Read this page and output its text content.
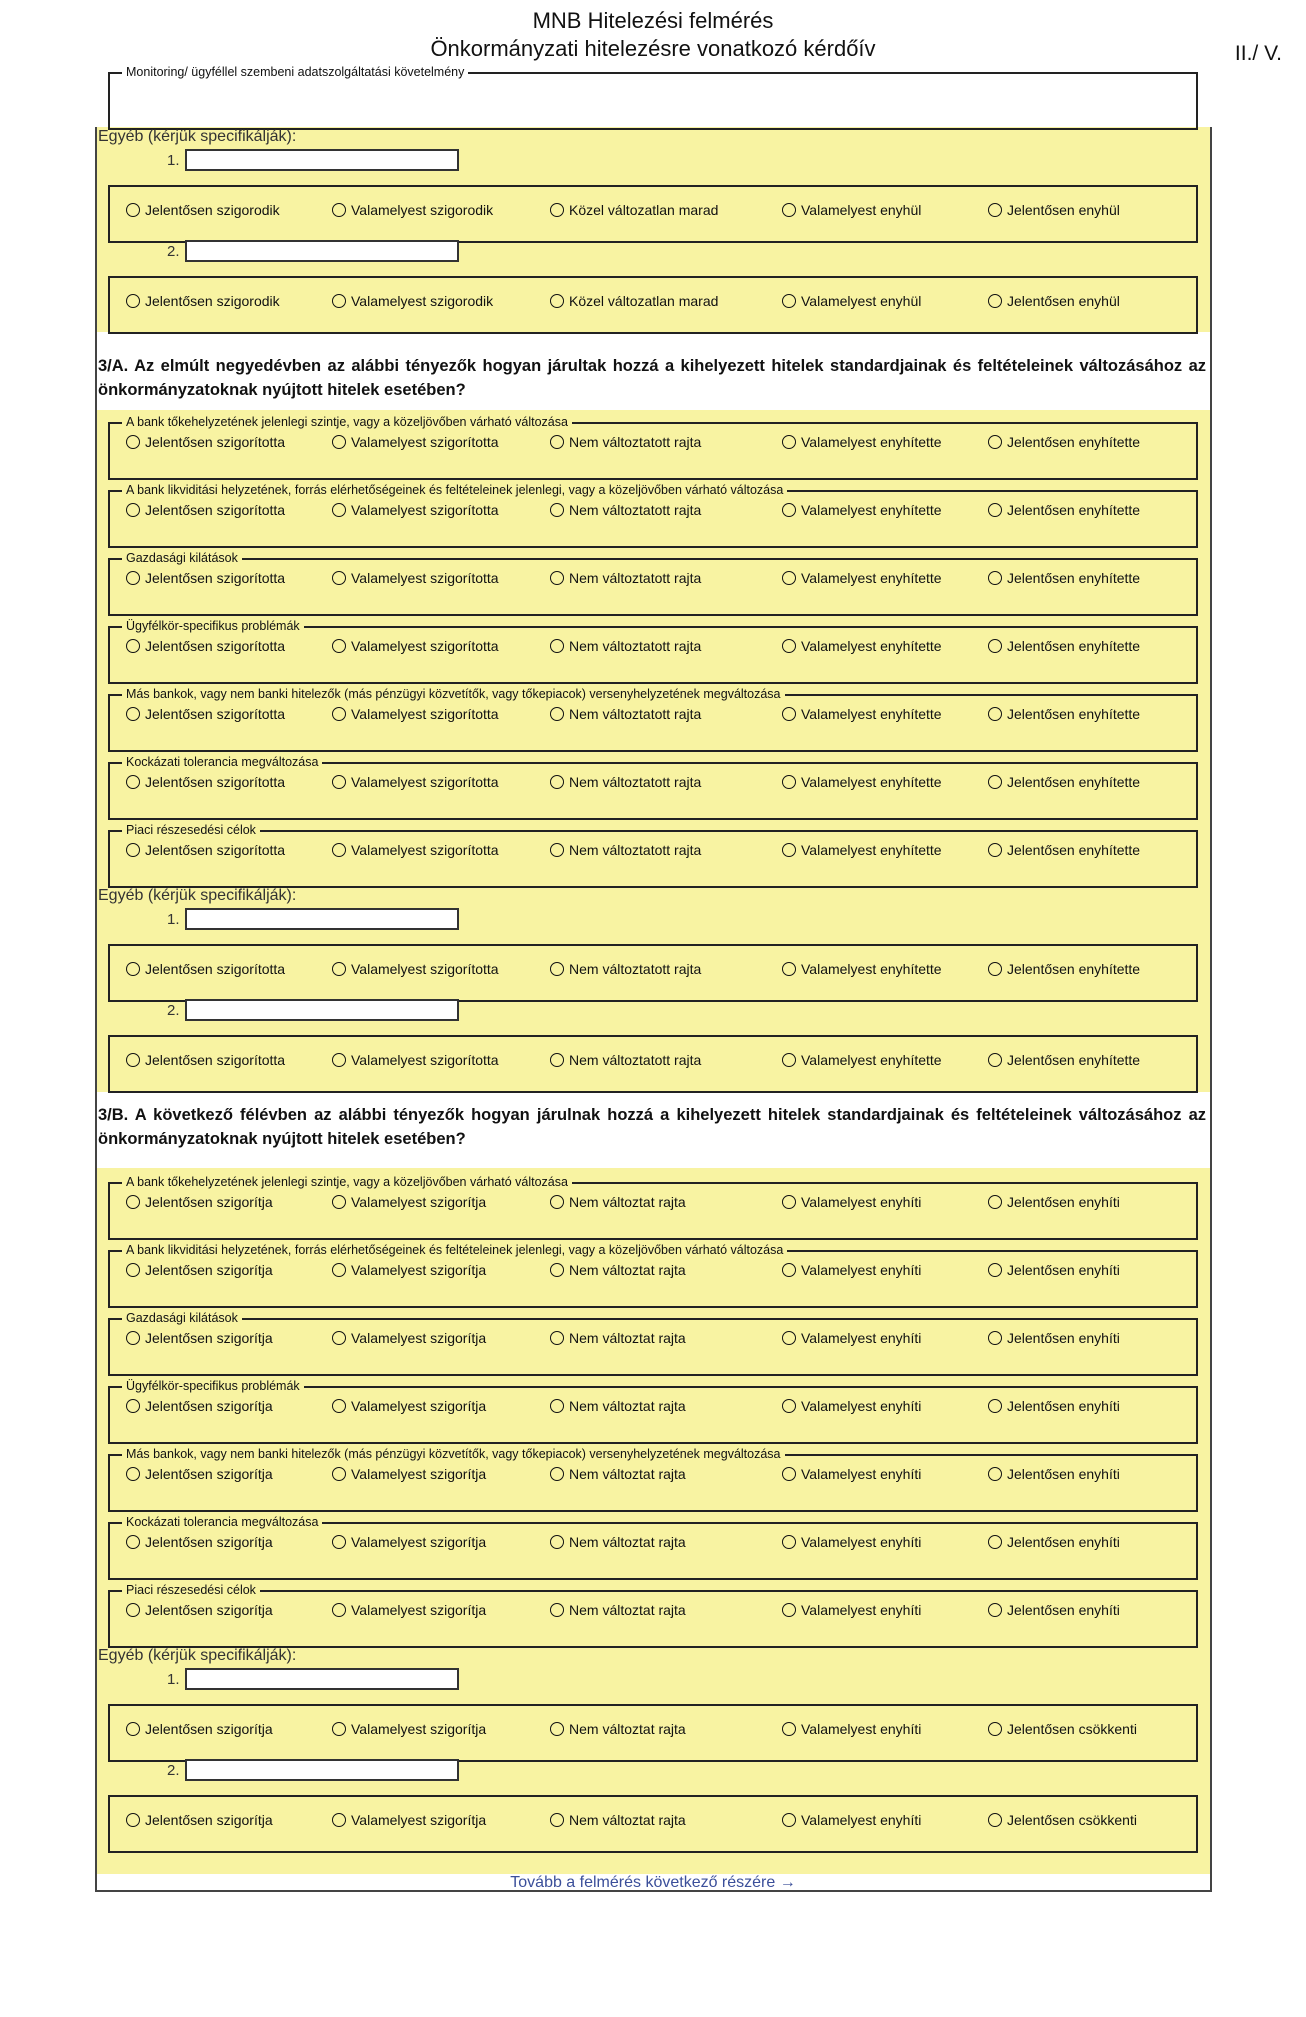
MNB Hitelezési felmérés
Önkormányzati hitelezésre vonatkozó kérdőív	II./ V.
Monitoring/ ügyféllel szembeni adatszolgáltatási követelmény
Egyéb (kérjük specifikálják):
1.
Jelentősen szigorodik	Valamelyest szigorodik	Közel változatlan marad	Valamelyest enyhül	Jelentősen enyhül
2.
Jelentősen szigorodik	Valamelyest szigorodik	Közel változatlan marad	Valamelyest enyhül	Jelentősen enyhül
3/A. Az elmúlt negyedévben az alábbi tényezők hogyan járultak hozzá a kihelyezett hitelek standardjainak és feltételeinek változásához az önkormányzatoknak nyújtott hitelek esetében?
A bank tőkehelyzetének jelenlegi szintje, vagy a közeljövőben várható változása
Jelentősen szigorította	Valamelyest szigorította	Nem változtatott rajta	Valamelyest enyhítette	Jelentősen enyhítette
A bank likviditási helyzetének, forrás elérhetőségeinek és feltételeinek jelenlegi, vagy a közeljövőben várható változása
Jelentősen szigorította	Valamelyest szigorította	Nem változtatott rajta	Valamelyest enyhítette	Jelentősen enyhítette
Gazdasági kilátások
Jelentősen szigorította	Valamelyest szigorította	Nem változtatott rajta	Valamelyest enyhítette	Jelentősen enyhítette
Ügyfélkör-specifikus problémák
Jelentősen szigorította	Valamelyest szigorította	Nem változtatott rajta	Valamelyest enyhítette	Jelentősen enyhítette
Más bankok, vagy nem banki hitelezők (más pénzügyi közvetítők, vagy tőkepiacok) versenyhelyzetének megváltozása
Jelentősen szigorította	Valamelyest szigorította	Nem változtatott rajta	Valamelyest enyhítette	Jelentősen enyhítette
Kockázati tolerancia megváltozása
Jelentősen szigorította	Valamelyest szigorította	Nem változtatott rajta	Valamelyest enyhítette	Jelentősen enyhítette
Piaci részesedési célok
Jelentősen szigorította	Valamelyest szigorította	Nem változtatott rajta	Valamelyest enyhítette	Jelentősen enyhítette
Egyéb (kérjük specifikálják):
1.
Jelentősen szigorította	Valamelyest szigorította	Nem változtatott rajta	Valamelyest enyhítette	Jelentősen enyhítette
2.
Jelentősen szigorította	Valamelyest szigorította	Nem változtatott rajta	Valamelyest enyhítette	Jelentősen enyhítette
3/B. A következő félévben az alábbi tényezők hogyan járulnak hozzá a kihelyezett hitelek standardjainak és feltételeinek változásához az önkormányzatoknak nyújtott hitelek esetében?
A bank tőkehelyzetének jelenlegi szintje, vagy a közeljövőben várható változása
Jelentősen szigorítja	Valamelyest szigorítja	Nem változtat rajta	Valamelyest enyhíti	Jelentősen enyhíti
A bank likviditási helyzetének, forrás elérhetőségeinek és feltételeinek jelenlegi, vagy a közeljövőben várható változása
Jelentősen szigorítja	Valamelyest szigorítja	Nem változtat rajta	Valamelyest enyhíti	Jelentősen enyhíti
Gazdasági kilátások
Jelentősen szigorítja	Valamelyest szigorítja	Nem változtat rajta	Valamelyest enyhíti	Jelentősen enyhíti
Ügyfélkör-specifikus problémák
Jelentősen szigorítja	Valamelyest szigorítja	Nem változtat rajta	Valamelyest enyhíti	Jelentősen enyhíti
Más bankok, vagy nem banki hitelezők (más pénzügyi közvetítők, vagy tőkepiacok) versenyhelyzetének megváltozása
Jelentősen szigorítja	Valamelyest szigorítja	Nem változtat rajta	Valamelyest enyhíti	Jelentősen enyhíti
Kockázati tolerancia megváltozása
Jelentősen szigorítja	Valamelyest szigorítja	Nem változtat rajta	Valamelyest enyhíti	Jelentősen enyhíti
Piaci részesedési célok
Jelentősen szigorítja	Valamelyest szigorítja	Nem változtat rajta	Valamelyest enyhíti	Jelentősen enyhíti
Egyéb (kérjük specifikálják):
1.
Jelentősen szigorítja	Valamelyest szigorítja	Nem változtat rajta	Valamelyest enyhíti	Jelentősen csökkenti
2.
Jelentősen szigorítja	Valamelyest szigorítja	Nem változtat rajta	Valamelyest enyhíti	Jelentősen csökkenti
Tovább a felmérés következő részére →
